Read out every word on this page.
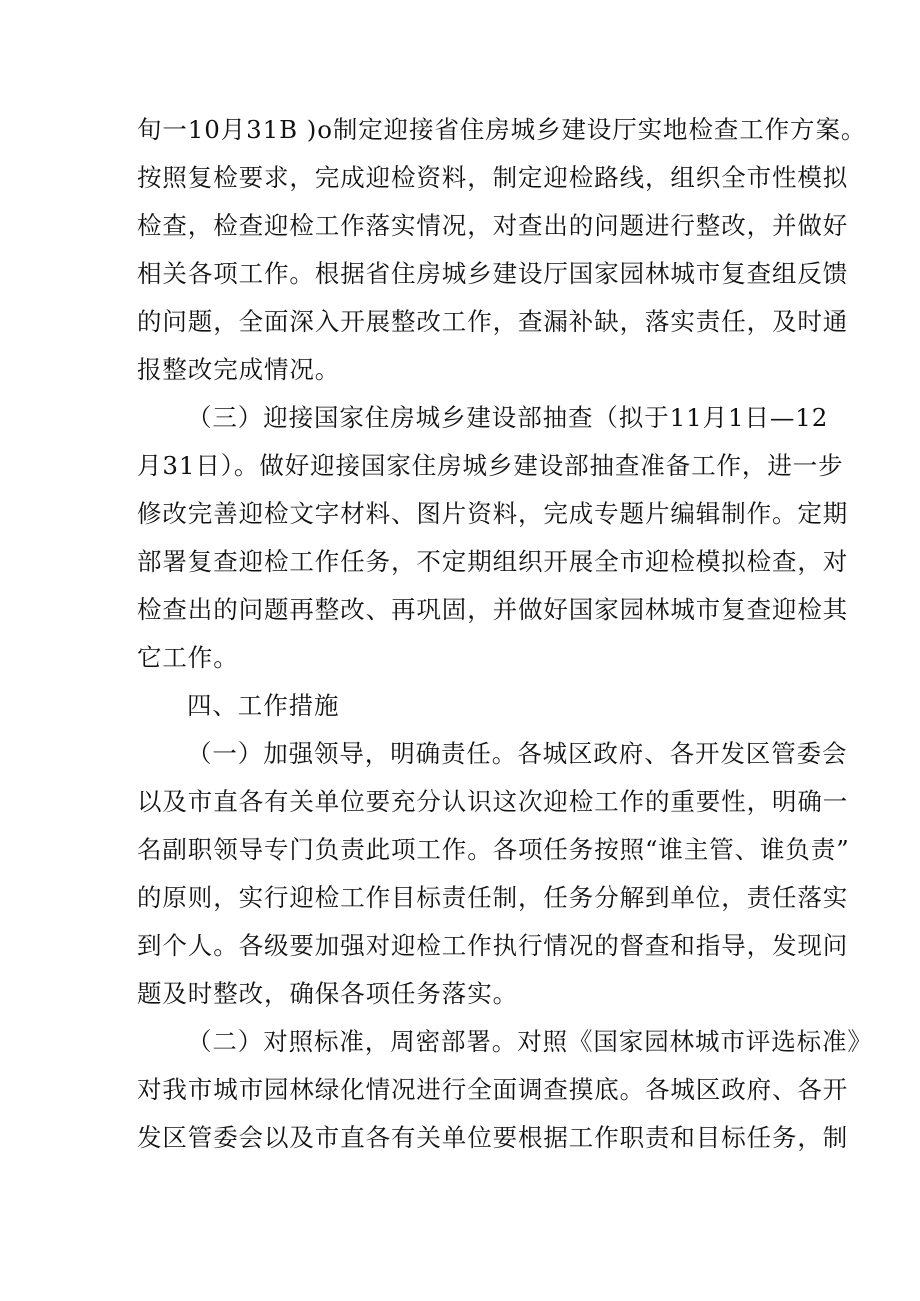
旬一10月31B )o制定迎接省住房城乡建设厅实地检查工作方案。
按照复检要求，完成迎检资料，制定迎检路线，组织全市性模拟
检查，检查迎检工作落实情况，对查出的问题进行整改，并做好
相关各项工作。根据省住房城乡建设厅国家园林城市复查组反馈
的问题，全面深入开展整改工作，查漏补缺，落实责任，及时通
报整改完成情况。
（三）迎接国家住房城乡建设部抽查（拟于11月1日—12
月31日）。做好迎接国家住房城乡建设部抽查准备工作，进一步
修改完善迎检文字材料、图片资料，完成专题片编辑制作。定期
部署复查迎检工作任务，不定期组织开展全市迎检模拟检查，对
检查出的问题再整改、再巩固，并做好国家园林城市复查迎检其
它工作。
四、工作措施
（一）加强领导，明确责任。各城区政府、各开发区管委会
以及市直各有关单位要充分认识这次迎检工作的重要性，明确一
名副职领导专门负责此项工作。各项任务按照“谁主管、谁负责”
的原则，实行迎检工作目标责任制，任务分解到单位，责任落实
到个人。各级要加强对迎检工作执行情况的督查和指导，发现问
题及时整改，确保各项任务落实。
（二）对照标准，周密部署。对照《国家园林城市评选标准》
对我市城市园林绿化情况进行全面调查摸底。各城区政府、各开
发区管委会以及市直各有关单位要根据工作职责和目标任务，制
